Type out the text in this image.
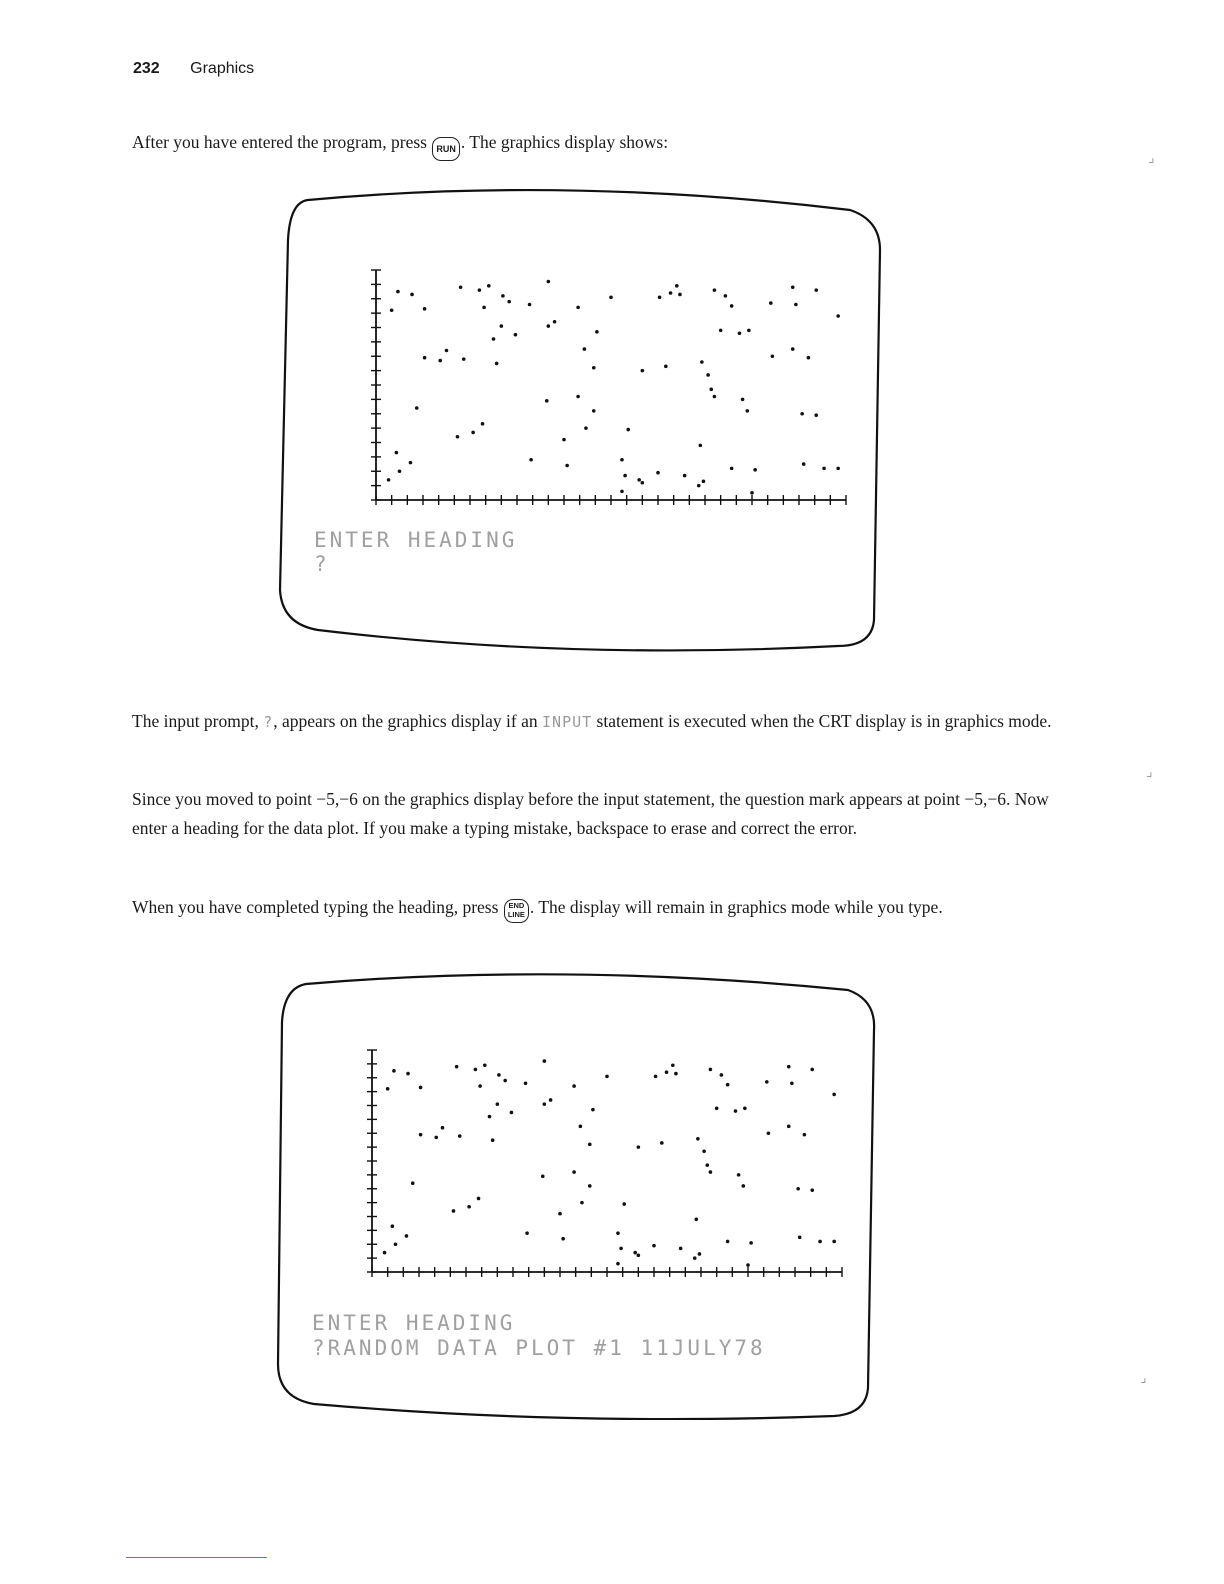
232 Graphics
After you have entered the program, press RUN . The graphics display shows:
ENTER HEADING
?
The input prompt, ?, appears on the graphics display if an INPUT statement is executed when the CRT display is in graphics mode.
Since you moved to point −5,−6 on the graphics display before the input statement, the question mark appears at point −5,−6. Now enter a heading for the data plot. If you make a typing mistake, backspace to erase and correct the error.
When you have completed typing the heading, press END
LINE . The display will remain in graphics mode while you type.
ENTER HEADING
?RANDOM DATA PLOT #1 11JULY78
⌟
⌟
⌟
